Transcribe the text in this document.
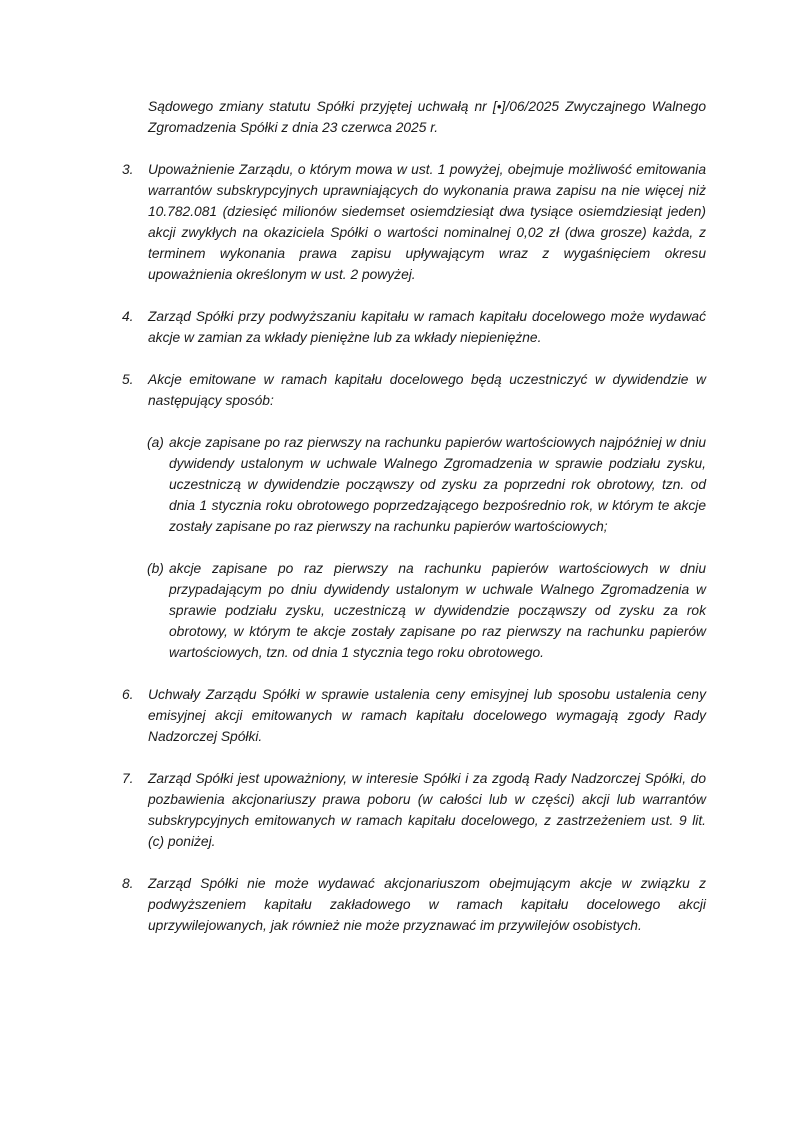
Sądowego zmiany statutu Spółki przyjętej uchwałą nr [•]/06/2025 Zwyczajnego Walnego Zgromadzenia Spółki z dnia 23 czerwca 2025 r.

3.	Upoważnienie Zarządu, o którym mowa w ust. 1 powyżej, obejmuje możliwość emitowania warrantów subskrypcyjnych uprawniających do wykonania prawa zapisu na nie więcej niż 10.782.081 (dziesięć milionów siedemset osiemdziesiąt dwa tysiące osiemdziesiąt jeden) akcji zwykłych na okaziciela Spółki o wartości nominalnej 0,02 zł (dwa grosze) każda, z terminem wykonania prawa zapisu upływającym wraz z wygaśnięciem okresu upoważnienia określonym w ust. 2 powyżej.
4.	Zarząd Spółki przy podwyższaniu kapitału w ramach kapitału docelowego może wydawać akcje w zamian za wkłady pieniężne lub za wkłady niepieniężne.
5.	Akcje emitowane w ramach kapitału docelowego będą uczestniczyć w dywidendzie w następujący sposób:
(a) akcje zapisane po raz pierwszy na rachunku papierów wartościowych najpóźniej w dniu dywidendy ustalonym w uchwale Walnego Zgromadzenia w sprawie podziału zysku, uczestniczą w dywidendzie począwszy od zysku za poprzedni rok obrotowy, tzn. od dnia 1 stycznia roku obrotowego poprzedzającego bezpośrednio rok, w którym te akcje zostały zapisane po raz pierwszy na rachunku papierów wartościowych;
(b) akcje zapisane po raz pierwszy na rachunku papierów wartościowych w dniu przypadającym po dniu dywidendy ustalonym w uchwale Walnego Zgromadzenia w sprawie podziału zysku, uczestniczą w dywidendzie począwszy od zysku za rok obrotowy, w którym te akcje zostały zapisane po raz pierwszy na rachunku papierów wartościowych, tzn. od dnia 1 stycznia tego roku obrotowego.
6.	Uchwały Zarządu Spółki w sprawie ustalenia ceny emisyjnej lub sposobu ustalenia ceny emisyjnej akcji emitowanych w ramach kapitału docelowego wymagają zgody Rady Nadzorczej Spółki.
7.	Zarząd Spółki jest upoważniony, w interesie Spółki i za zgodą Rady Nadzorczej Spółki, do pozbawienia akcjonariuszy prawa poboru (w całości lub w części) akcji lub warrantów subskrypcyjnych emitowanych w ramach kapitału docelowego, z zastrzeżeniem ust. 9 lit. (c) poniżej.
8.	Zarząd Spółki nie może wydawać akcjonariuszom obejmującym akcje w związku z podwyższeniem kapitału zakładowego w ramach kapitału docelowego akcji uprzywilejowanych, jak również nie może przyznawać im przywilejów osobistych.
